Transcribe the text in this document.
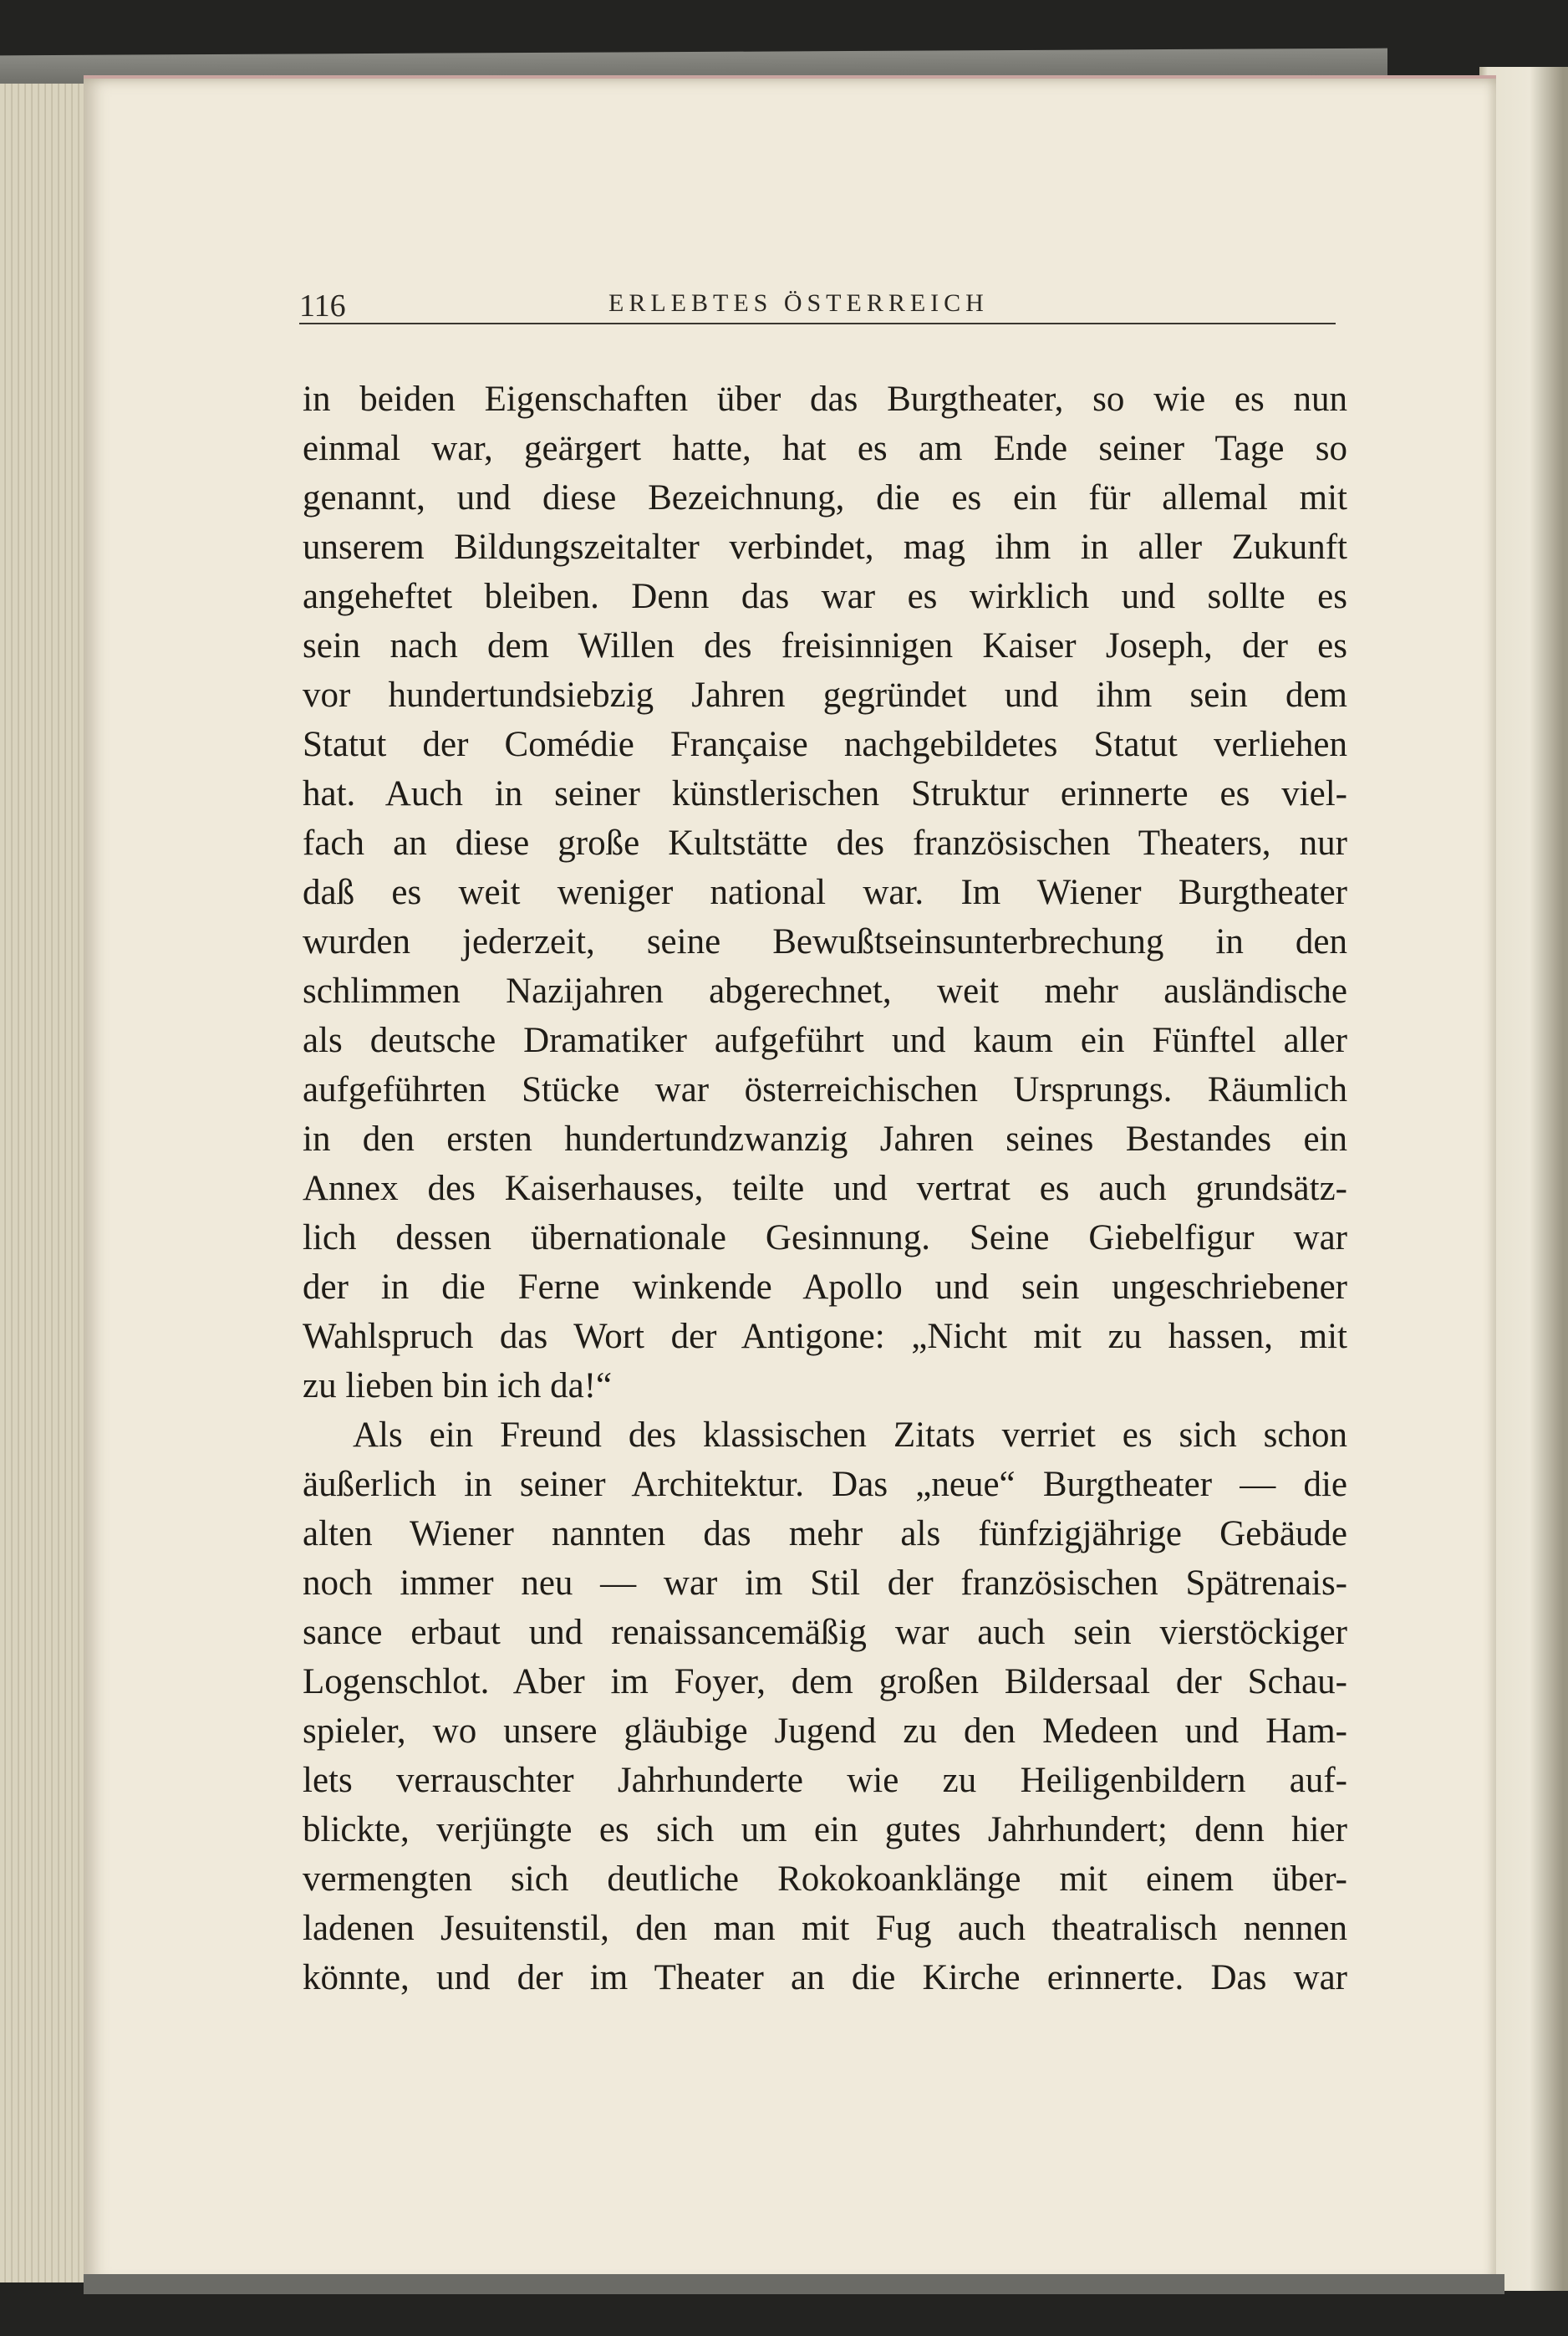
116	ERLEBTES ÖSTERREICH
in beiden Eigenschaften über das Burgtheater, so wie es nun
einmal war, geärgert hatte, hat es am Ende seiner Tage so
genannt, und diese Bezeichnung, die es ein für allemal mit
unserem Bildungszeitalter verbindet, mag ihm in aller Zukunft
angeheftet bleiben. Denn das war es wirklich und sollte es
sein nach dem Willen des freisinnigen Kaiser Joseph, der es
vor hundertundsiebzig Jahren gegründet und ihm sein dem
Statut der Comédie Française nachgebildetes Statut verliehen
hat. Auch in seiner künstlerischen Struktur erinnerte es viel-
fach an diese große Kultstätte des französischen Theaters, nur
daß es weit weniger national war. Im Wiener Burgtheater
wurden jederzeit, seine Bewußtseinsunterbrechung in den
schlimmen Nazijahren abgerechnet, weit mehr ausländische
als deutsche Dramatiker aufgeführt und kaum ein Fünftel aller
aufgeführten Stücke war österreichischen Ursprungs. Räumlich
in den ersten hundertundzwanzig Jahren seines Bestandes ein
Annex des Kaiserhauses, teilte und vertrat es auch grundsätz-
lich dessen übernationale Gesinnung. Seine Giebelfigur war
der in die Ferne winkende Apollo und sein ungeschriebener
Wahlspruch das Wort der Antigone: „Nicht mit zu hassen, mit
zu lieben bin ich da!“
Als ein Freund des klassischen Zitats verriet es sich schon
äußerlich in seiner Architektur. Das „neue“ Burgtheater — die
alten Wiener nannten das mehr als fünfzigjährige Gebäude
noch immer neu — war im Stil der französischen Spätrenais-
sance erbaut und renaissancemäßig war auch sein vierstöckiger
Logenschlot. Aber im Foyer, dem großen Bildersaal der Schau-
spieler, wo unsere gläubige Jugend zu den Medeen und Ham-
lets verrauschter Jahrhunderte wie zu Heiligenbildern auf-
blickte, verjüngte es sich um ein gutes Jahrhundert; denn hier
vermengten sich deutliche Rokokoanklänge mit einem über-
ladenen Jesuitenstil, den man mit Fug auch theatralisch nennen
könnte, und der im Theater an die Kirche erinnerte. Das war
